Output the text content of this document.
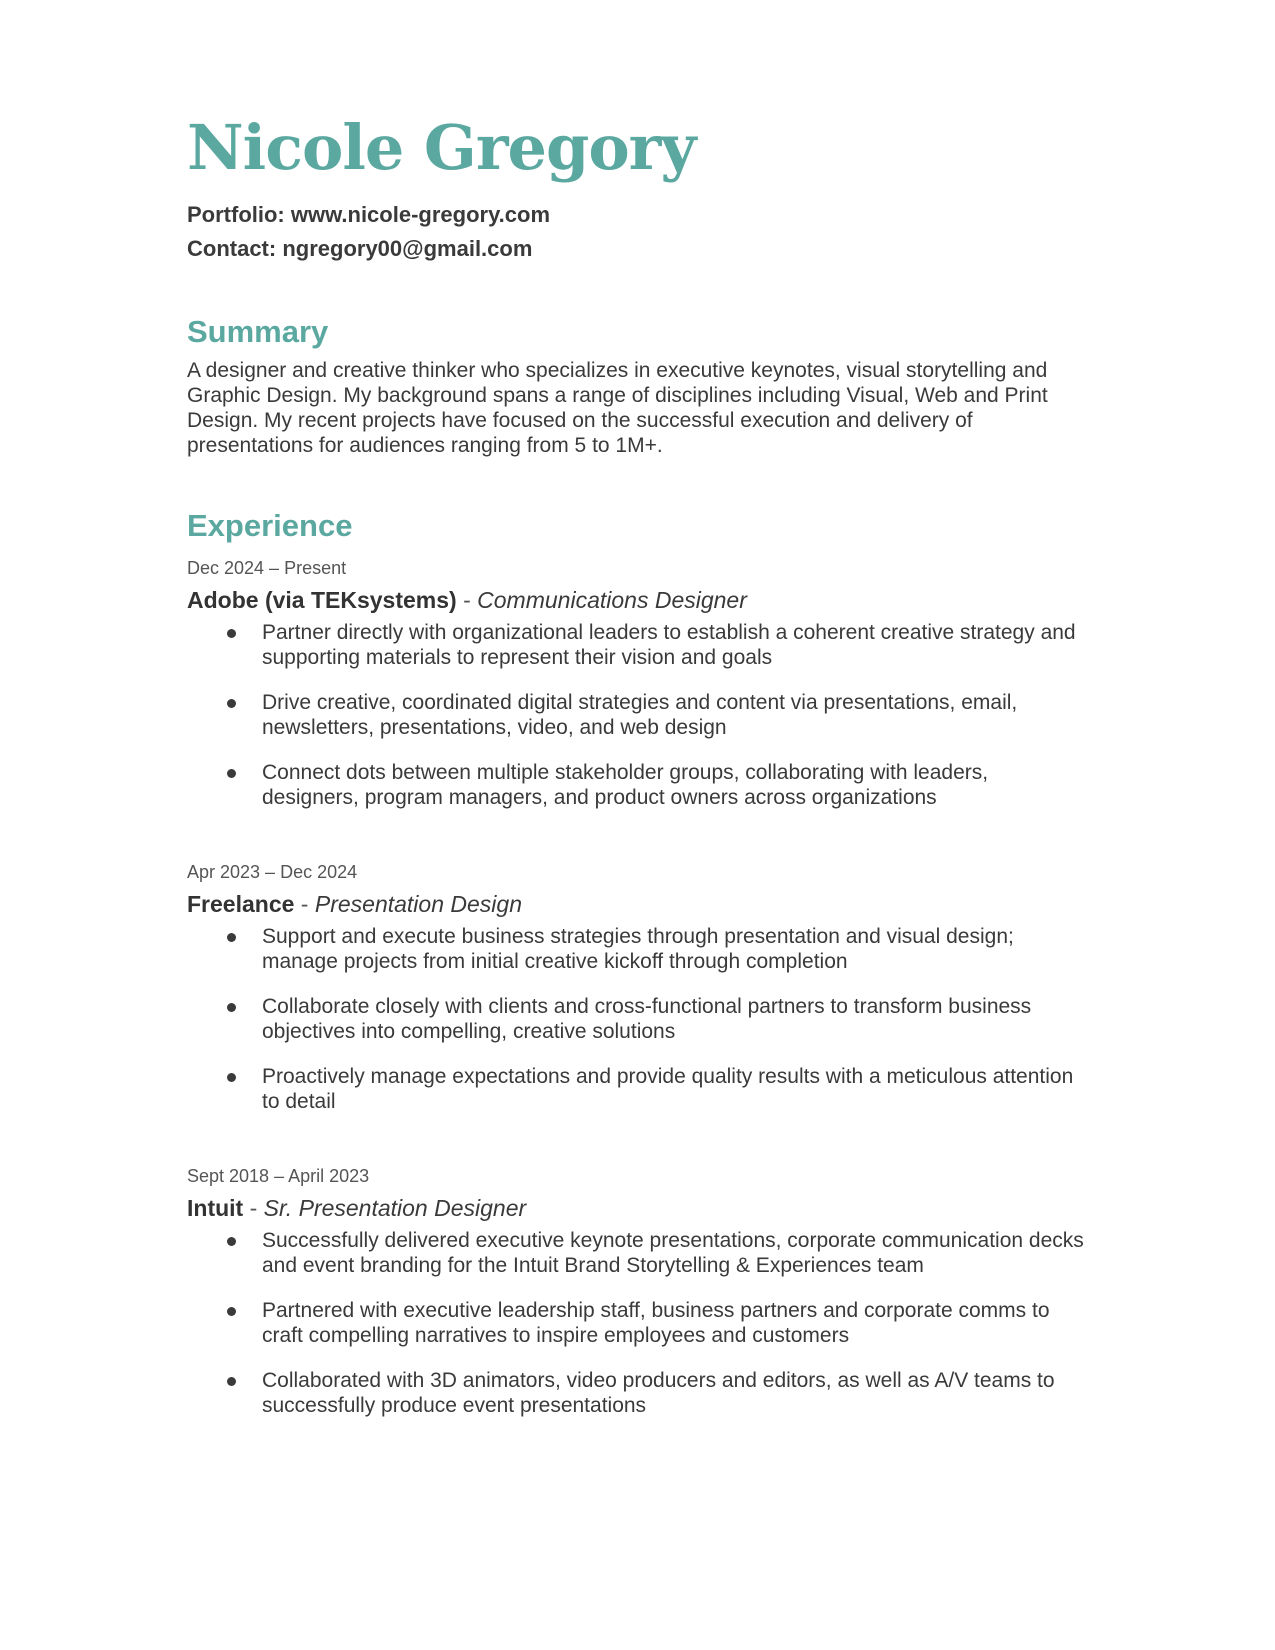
Nicole Gregory
Portfolio: www.nicole-gregory.com
Contact: ngregory00@gmail.com
Summary
A designer and creative thinker who specializes in executive keynotes, visual storytelling and Graphic Design. My background spans a range of disciplines including Visual, Web and Print Design. My recent projects have focused on the successful execution and delivery of presentations for audiences ranging from 5 to 1M+.
Experience
Dec 2024 – Present
Adobe (via TEKsystems) - Communications Designer
Partner directly with organizational leaders to establish a coherent creative strategy and supporting materials to represent their vision and goals
Drive creative, coordinated digital strategies and content via presentations, email, newsletters, presentations, video, and web design
Connect dots between multiple stakeholder groups, collaborating with leaders, designers, program managers, and product owners across organizations
Apr 2023 – Dec 2024
Freelance - Presentation Design
Support and execute business strategies through presentation and visual design; manage projects from initial creative kickoff through completion
Collaborate closely with clients and cross-functional partners to transform business objectives into compelling, creative solutions
Proactively manage expectations and provide quality results with a meticulous attention to detail
Sept 2018 – April 2023
Intuit - Sr. Presentation Designer
Successfully delivered executive keynote presentations, corporate communication decks and event branding for the Intuit Brand Storytelling & Experiences team
Partnered with executive leadership staff, business partners and corporate comms to craft compelling narratives to inspire employees and customers
Collaborated with 3D animators, video producers and editors, as well as A/V teams to successfully produce event presentations
